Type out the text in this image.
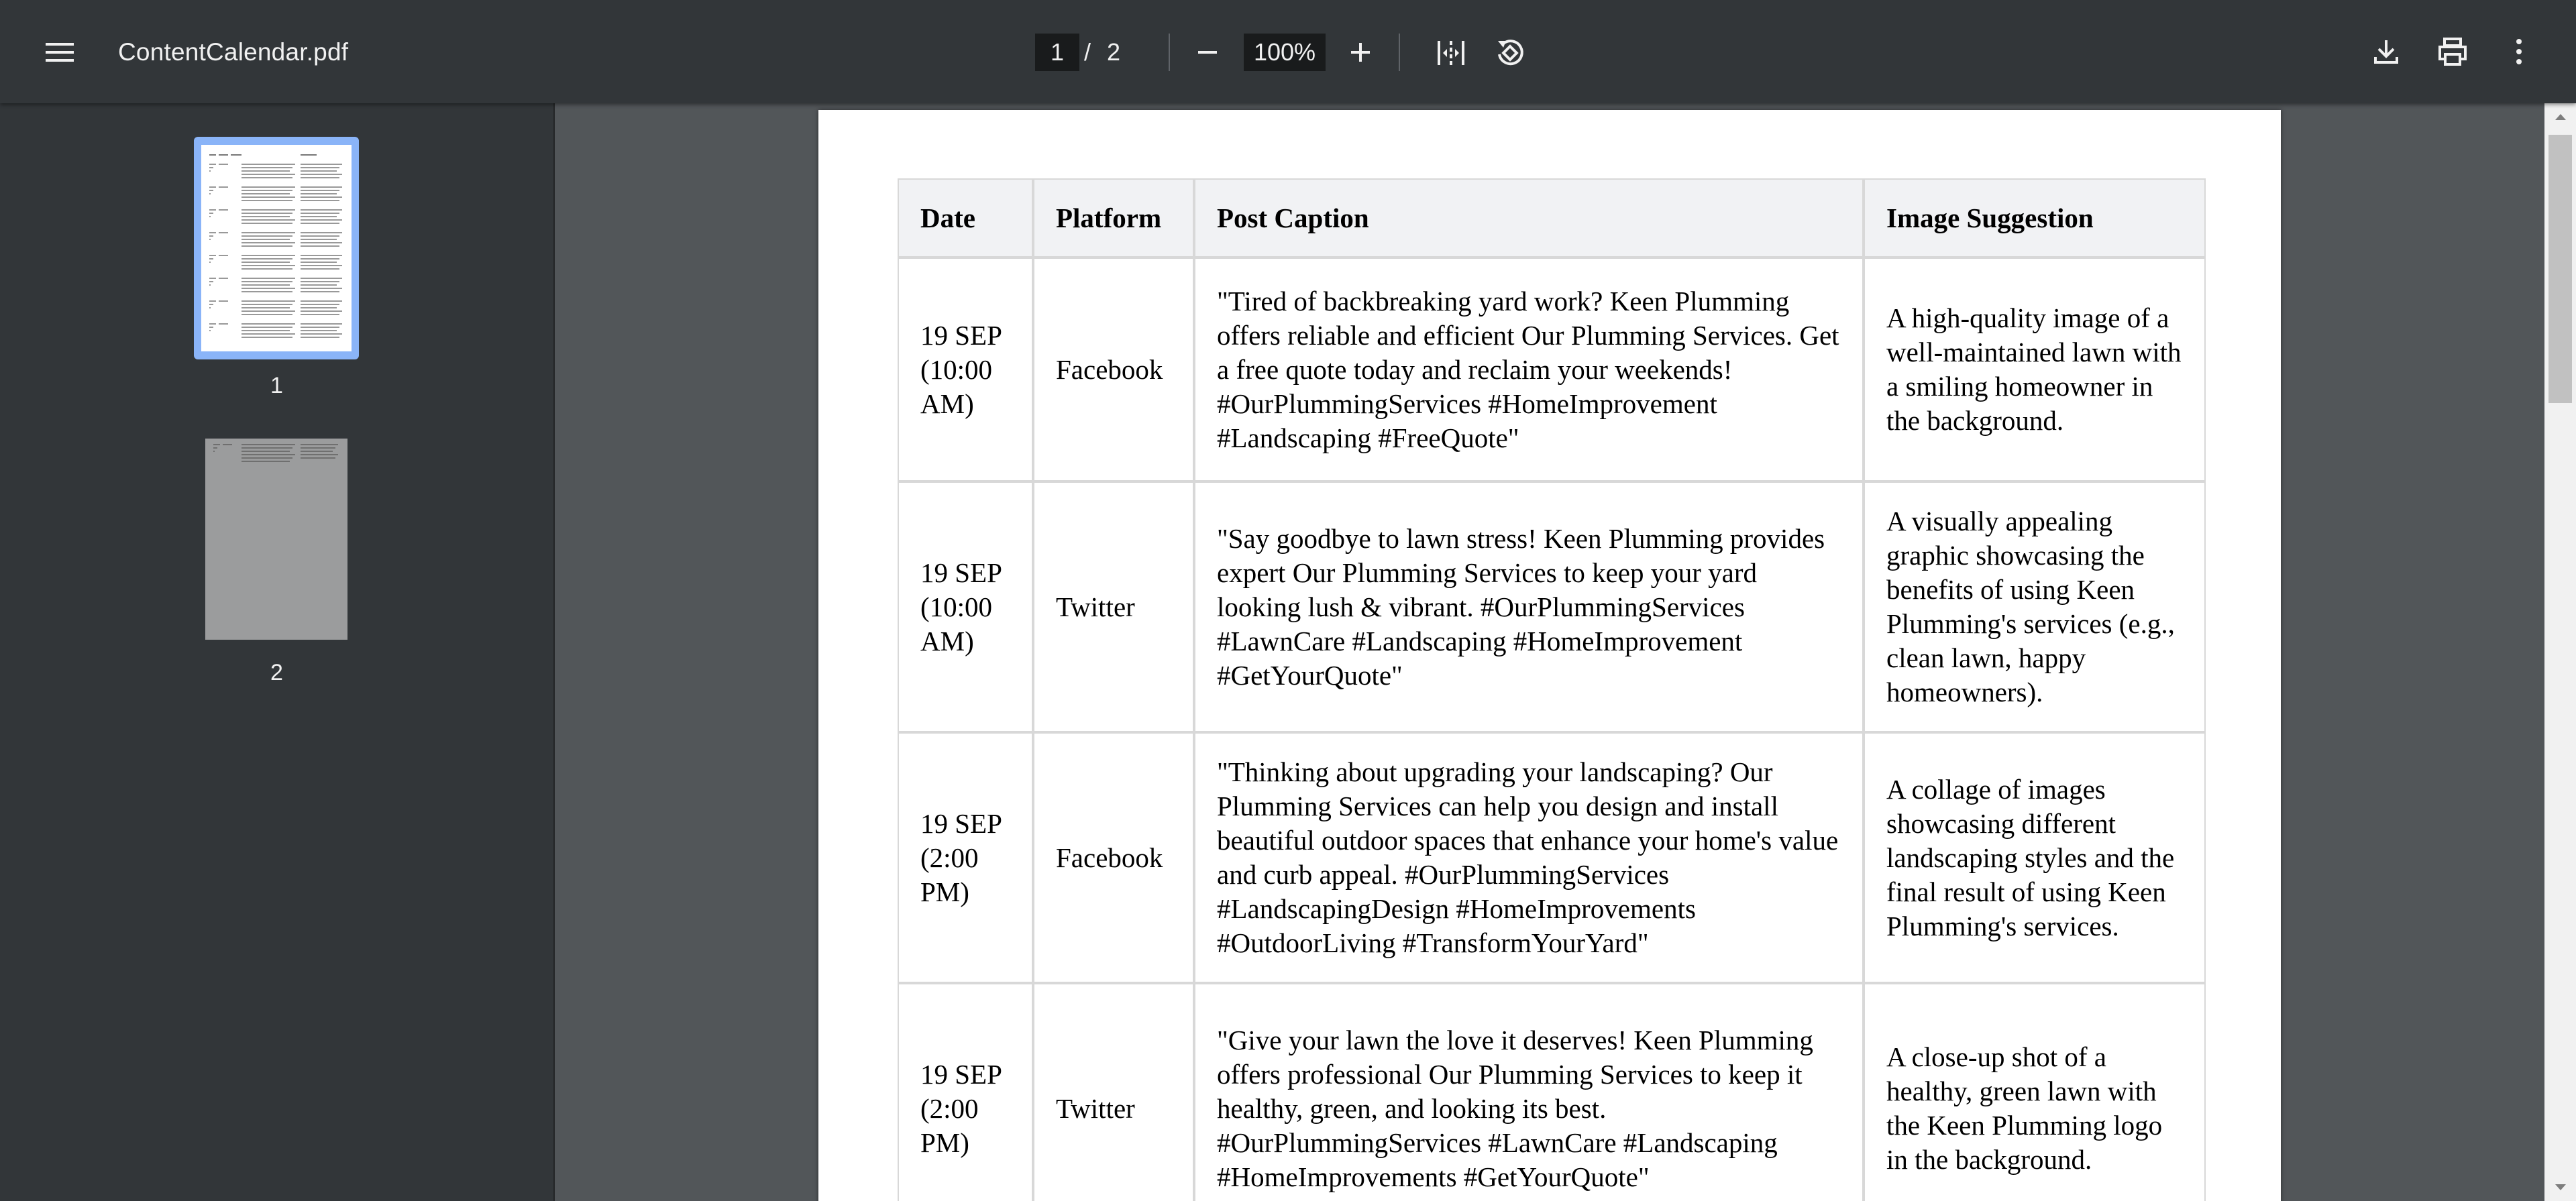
ContentCalendar.pdf
1	/ 2
100%
1
2
Date	Platform	Post Caption	Image Suggestion
19 SEP (10:00 AM)	Facebook	"Tired of backbreaking yard work? Keen Plumming offers reliable and efficient Our Plumming Services. Get a free quote today and reclaim your weekends! #OurPlummingServices #HomeImprovement #Landscaping #FreeQuote"	A high-quality image of a well-maintained lawn with a smiling homeowner in the background.
19 SEP (10:00 AM)	Twitter	"Say goodbye to lawn stress! Keen Plumming provides expert Our Plumming Services to keep your yard looking lush & vibrant. #OurPlummingServices #LawnCare #Landscaping #HomeImprovement #GetYourQuote"	A visually appealing graphic showcasing the benefits of using Keen Plumming's services (e.g., clean lawn, happy homeowners).
19 SEP (2:00 PM)	Facebook	"Thinking about upgrading your landscaping? Our Plumming Services can help you design and install beautiful outdoor spaces that enhance your home's value and curb appeal. #OurPlummingServices #LandscapingDesign #HomeImprovements #OutdoorLiving #TransformYourYard"	A collage of images showcasing different landscaping styles and the final result of using Keen Plumming's services.
19 SEP (2:00 PM)	Twitter	"Give your lawn the love it deserves! Keen Plumming offers professional Our Plumming Services to keep it healthy, green, and looking its best. #OurPlummingServices #LawnCare #Landscaping #HomeImprovements #GetYourQuote"	A close-up shot of a healthy, green lawn with the Keen Plumming logo in the background.
